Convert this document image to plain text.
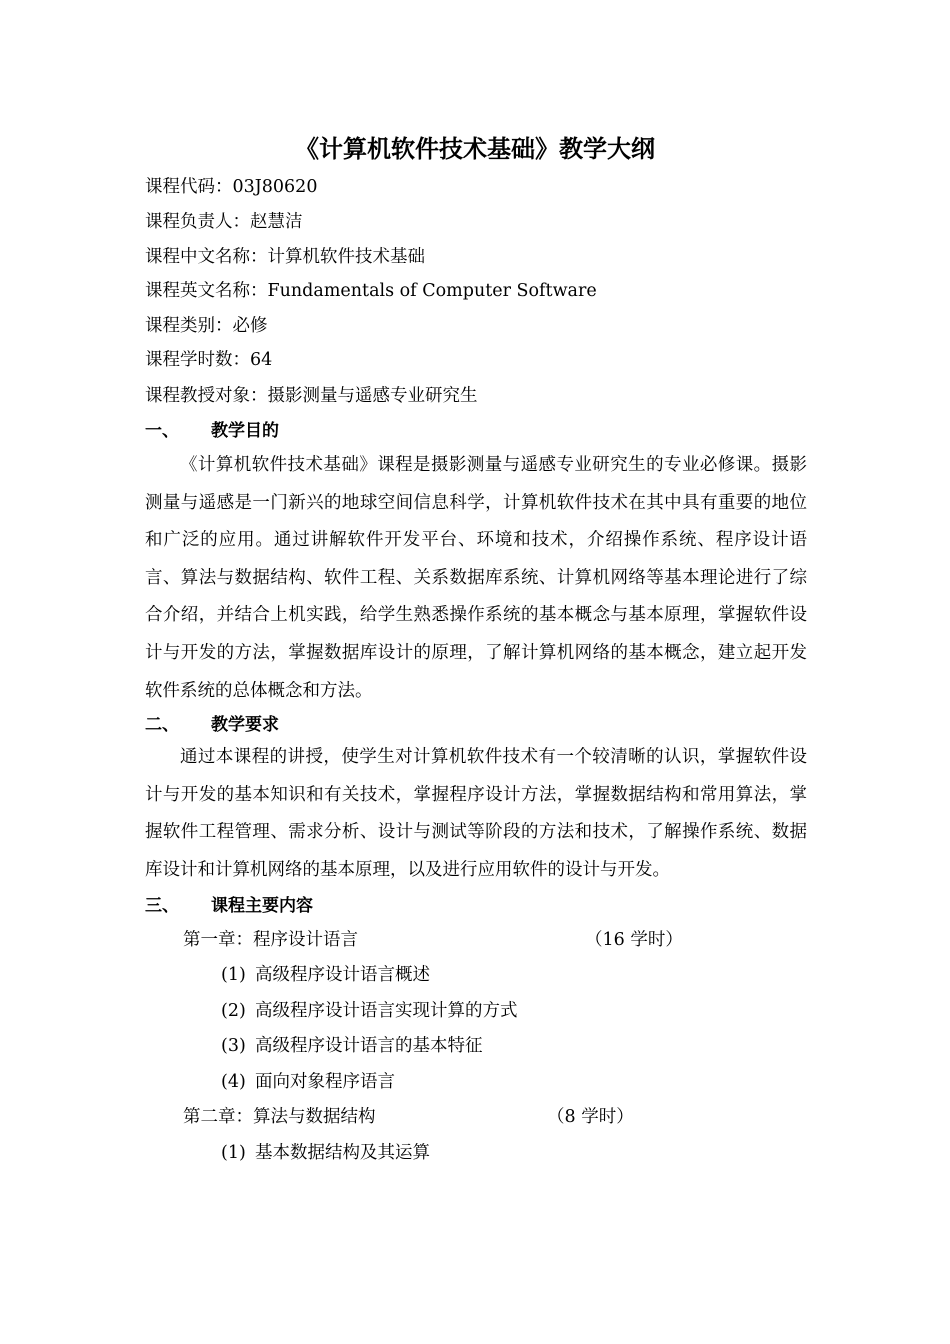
《计算机软件技术基础》教学大纲
课程代码：03J80620
课程负责人：赵慧洁
课程中文名称：计算机软件技术基础
课程英文名称：Fundamentals of Computer Software
课程类别：必修
课程学时数：64
课程教授对象：摄影测量与遥感专业研究生
一、 教学目的

《计算机软件技术基础》课程是摄影测量与遥感专业研究生的专业必修课。摄影测量与遥感是一门新兴的地球空间信息科学，计算机软件技术在其中具有重要的地位和广泛的应用。通过讲解软件开发平台、环境和技术，介绍操作系统、程序设计语言、算法与数据结构、软件工程、关系数据库系统、计算机网络等基本理论进行了综合介绍，并结合上机实践，给学生熟悉操作系统的基本概念与基本原理，掌握软件设计与开发的方法，掌握数据库设计的原理，了解计算机网络的基本概念，建立起开发软件系统的总体概念和方法。

二、 教学要求

通过本课程的讲授，使学生对计算机软件技术有一个较清晰的认识，掌握软件设计与开发的基本知识和有关技术，掌握程序设计方法，掌握数据结构和常用算法，掌握软件工程管理、需求分析、设计与测试等阶段的方法和技术，了解操作系统、数据库设计和计算机网络的基本原理，以及进行应用软件的设计与开发。

三、 课程主要内容
第一章：程序设计语言	（16 学时）
(1) 高级程序设计语言概述
(2) 高级程序设计语言实现计算的方式
(3) 高级程序设计语言的基本特征
(4) 面向对象程序语言
第二章：算法与数据结构	（8 学时）
(1) 基本数据结构及其运算
